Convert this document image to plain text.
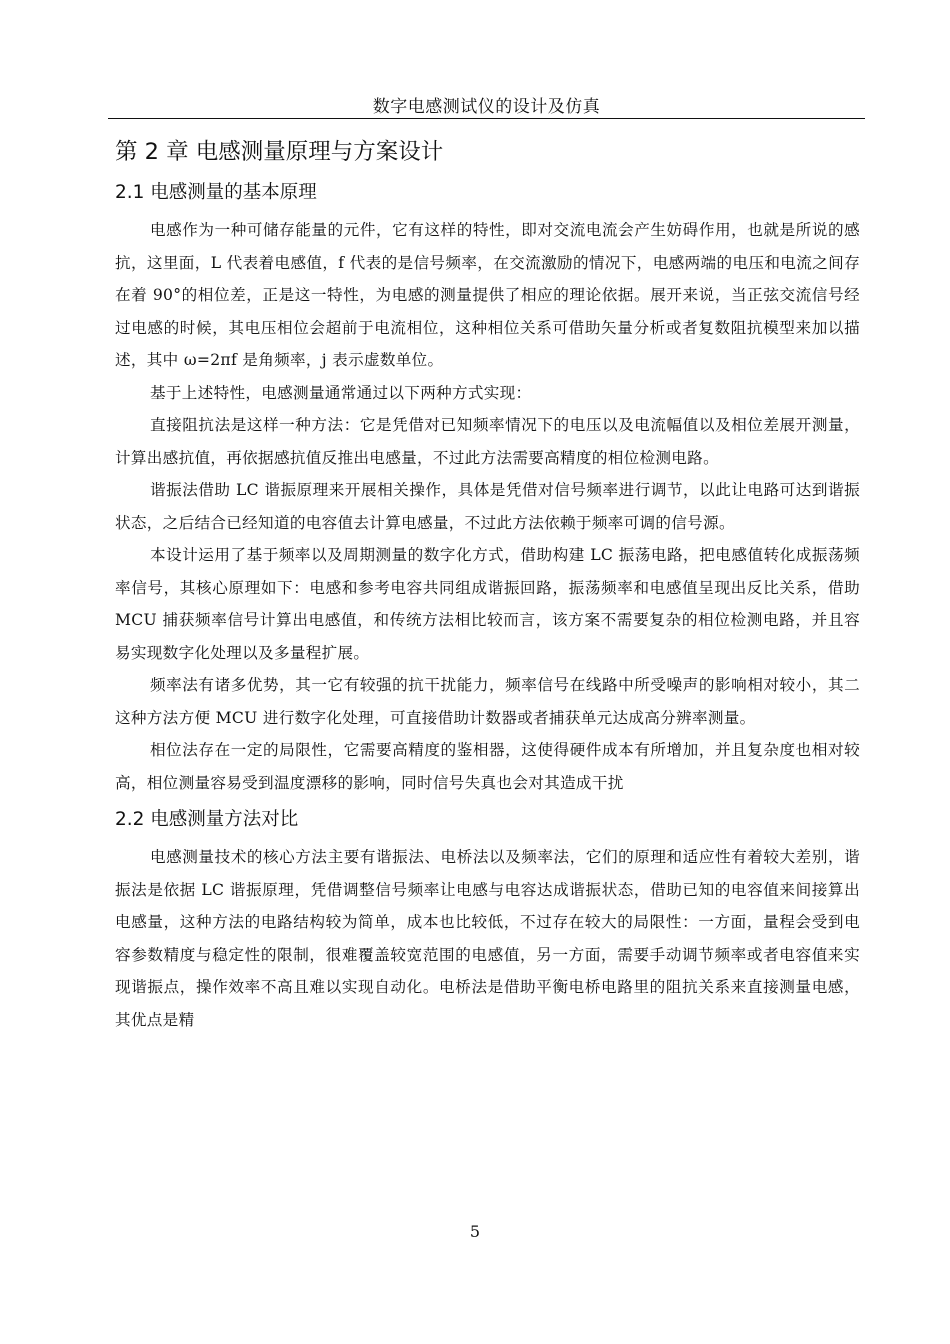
数字电感测试仪的设计及仿真
第 2 章 电感测量原理与方案设计
2.1 电感测量的基本原理

电感作为一种可储存能量的元件，它有这样的特性，即对交流电流会产生妨碍作用，也就是所说的感抗，这里面，L 代表着电感值，f 代表的是信号频率，在交流激励的情况下，电感两端的电压和电流之间存在着 90°的相位差，正是这一特性，为电感的测量提供了相应的理论依据。展开来说，当正弦交流信号经过电感的时候，其电压相位会超前于电流相位，这种相位关系可借助矢量分析或者复数阻抗模型来加以描述，其中 ω=2πf 是角频率，j 表示虚数单位。

基于上述特性，电感测量通常通过以下两种方式实现：

直接阻抗法是这样一种方法：它是凭借对已知频率情况下的电压以及电流幅值以及相位差展开测量，计算出感抗值，再依据感抗值反推出电感量，不过此方法需要高精度的相位检测电路。

谐振法借助 LC 谐振原理来开展相关操作，具体是凭借对信号频率进行调节，以此让电路可达到谐振状态，之后结合已经知道的电容值去计算电感量，不过此方法依赖于频率可调的信号源。

本设计运用了基于频率以及周期测量的数字化方式，借助构建 LC 振荡电路，把电感值转化成振荡频率信号，其核心原理如下：电感和参考电容共同组成谐振回路，振荡频率和电感值呈现出反比关系，借助 MCU 捕获频率信号计算出电感值，和传统方法相比较而言，该方案不需要复杂的相位检测电路，并且容易实现数字化处理以及多量程扩展。

频率法有诸多优势，其一它有较强的抗干扰能力，频率信号在线路中所受噪声的影响相对较小，其二这种方法方便 MCU 进行数字化处理，可直接借助计数器或者捕获单元达成高分辨率测量。

相位法存在一定的局限性，它需要高精度的鉴相器，这使得硬件成本有所增加，并且复杂度也相对较高，相位测量容易受到温度漂移的影响，同时信号失真也会对其造成干扰

2.2 电感测量方法对比

电感测量技术的核心方法主要有谐振法、电桥法以及频率法，它们的原理和适应性有着较大差别，谐振法是依据 LC 谐振原理，凭借调整信号频率让电感与电容达成谐振状态，借助已知的电容值来间接算出电感量，这种方法的电路结构较为简单，成本也比较低，不过存在较大的局限性：一方面，量程会受到电容参数精度与稳定性的限制，很难覆盖较宽范围的电感值，另一方面，需要手动调节频率或者电容值来实现谐振点，操作效率不高且难以实现自动化。电桥法是借助平衡电桥电路里的阻抗关系来直接测量电感，其优点是精

5
